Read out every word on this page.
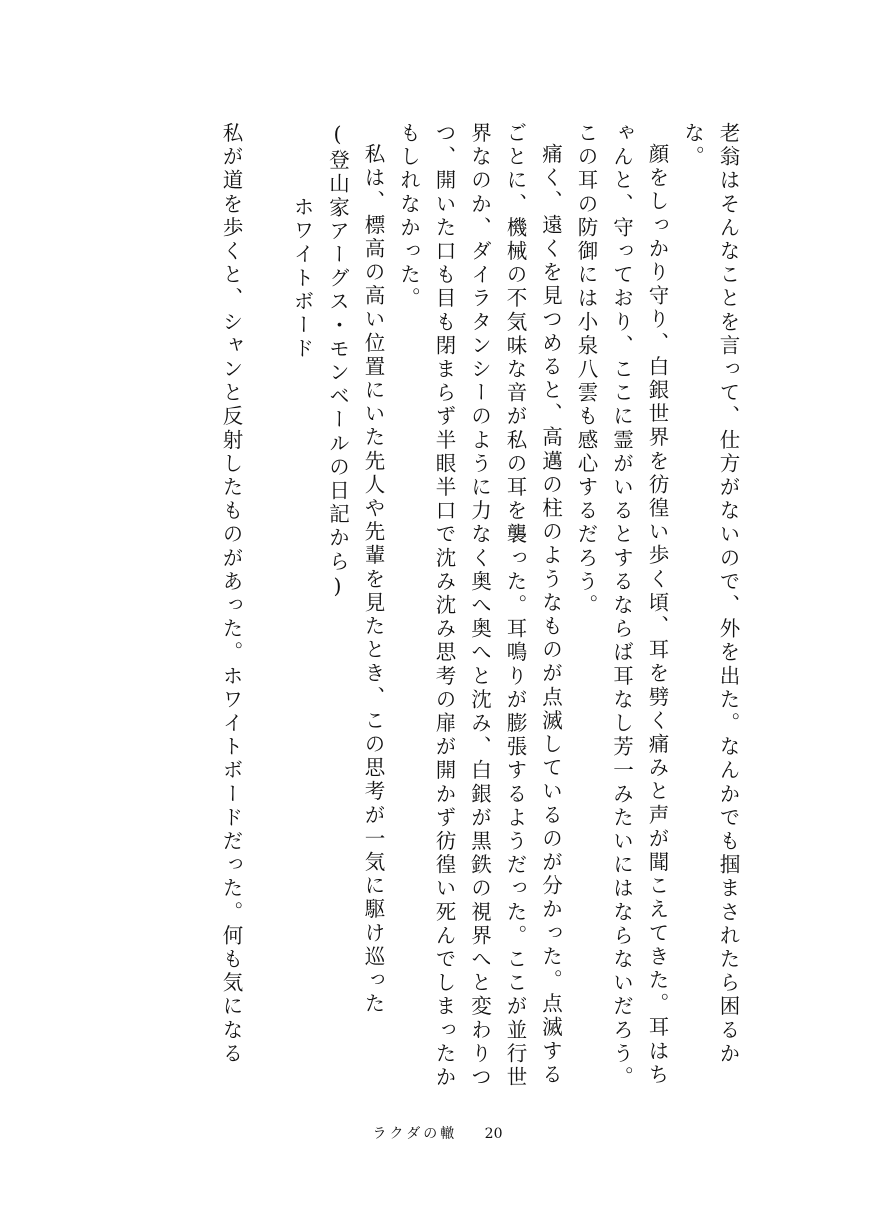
老翁はそんなことを言って、仕方がないので、外を出た。なんかでも掴まされたら困るかな。

顔をしっかり守り、白銀世界を彷徨い歩く頃、耳を劈く痛みと声が聞こえてきた。耳はちゃんと、守っており、ここに霊がいるとするならば耳なし芳一みたいにはならないだろう。この耳の防御には小泉八雲も感心するだろう。

痛く、遠くを見つめると、高邁の柱のようなものが点滅しているのが分かった。点滅するごとに、機械の不気味な音が私の耳を襲った。耳鳴りが膨張するようだった。ここが並行世界なのか、ダイラタンシーのように力なく奥へ奥へと沈み、白銀が黒鉄の視界へと変わりつつ、開いた口も目も閉まらず半眼半口で沈み沈み思考の扉が開かず彷徨い死んでしまったかもしれなかった。

私は、標高の高い位置にいた先人や先輩を見たとき、この思考が一気に駆け巡った

(登山家アーグス・モンベールの日記から)

ホワイトボード

私が道を歩くと、シャンと反射したものがあった。ホワイトボードだった。何も気になる

ラクダの轍 20
